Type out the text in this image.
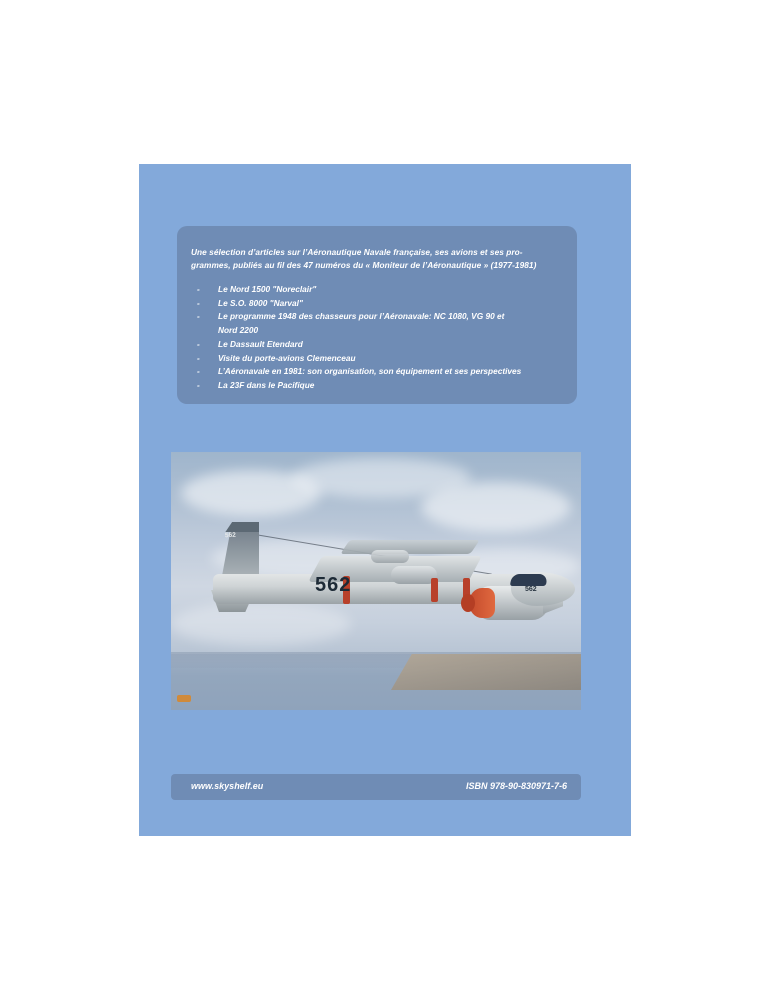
Une sélection d’articles sur l’Aéronautique Navale française, ses avions et ses pro-
grammes, publiés au fil des 47 numéros du « Moniteur de l’Aéronautique » (1977-1981)
-	Le Nord 1500 "Noreclair"
-	Le S.O. 8000 "Narval"
-	Le programme 1948 des chasseurs pour l’Aéronavale: NC 1080, VG 90 et
Nord 2200
-	Le Dassault Etendard
-	Visite du porte-avions Clemenceau
-	L’Aéronavale en 1981: son organisation, son équipement et ses perspectives
-	La 23F dans le Pacifique
562
562	562
www.skyshelf.eu	ISBN 978-90-830971-7-6
